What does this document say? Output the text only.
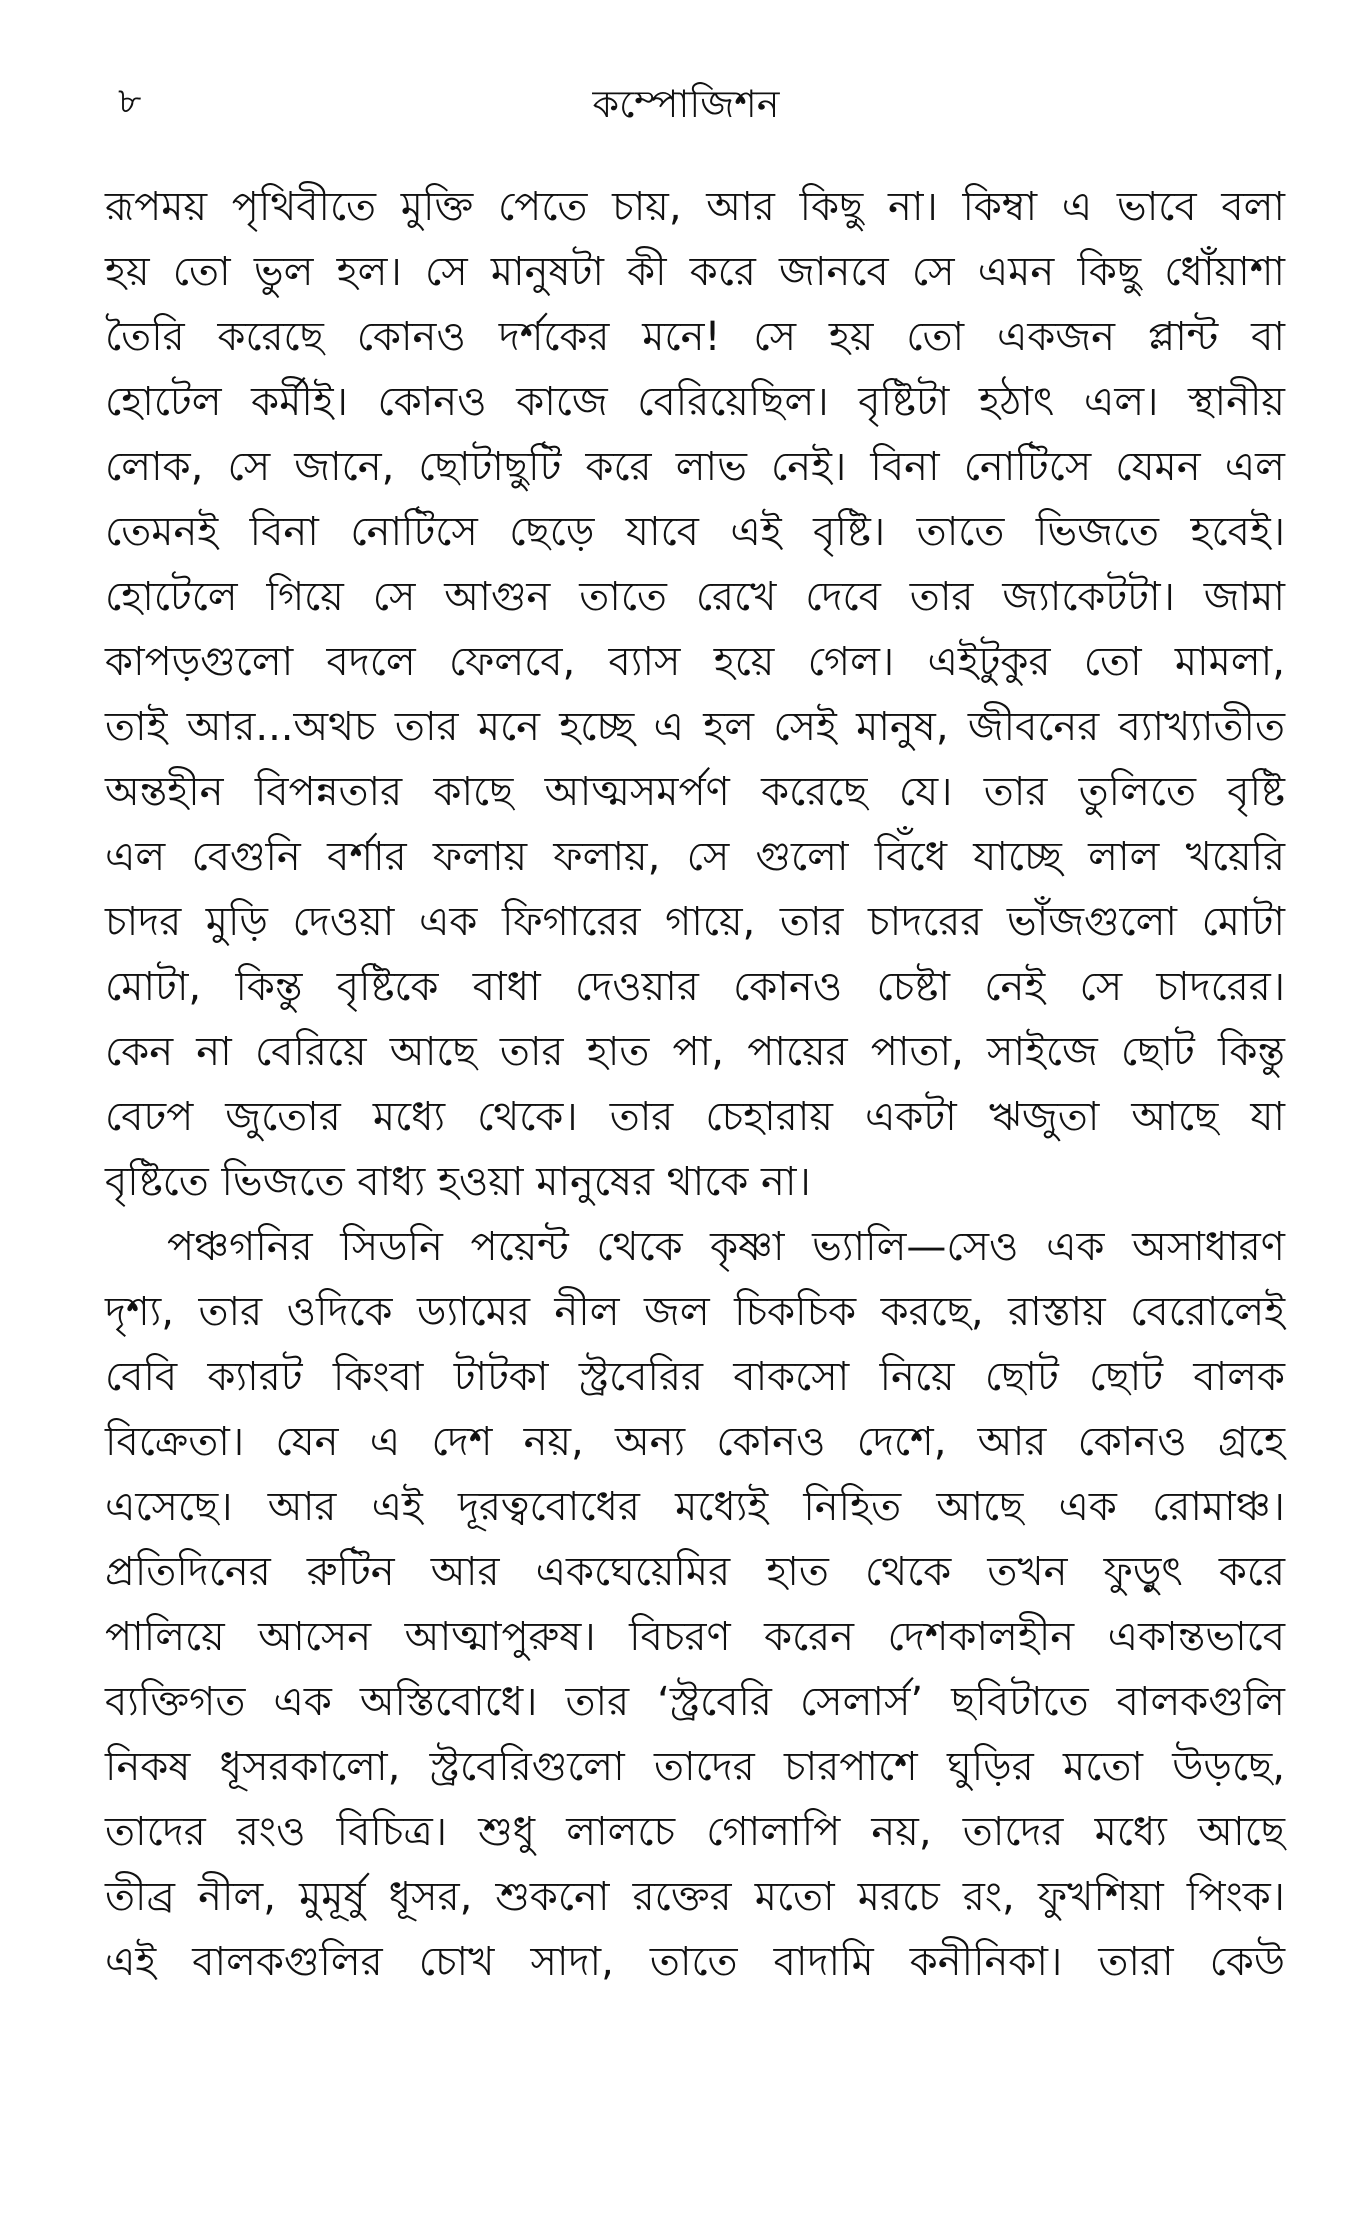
৮	কম্পোজিশন
রূপময় পৃথিবীতে মুক্তি পেতে চায়, আর কিছু না। কিম্বা এ ভাবে বলা
হয় তো ভুল হল। সে মানুষটা কী করে জানবে সে এমন কিছু ধোঁয়াশা
তৈরি করেছে কোনও দর্শকের মনে! সে হয় তো একজন প্লান্ট বা
হোটেল কর্মীই। কোনও কাজে বেরিয়েছিল। বৃষ্টিটা হঠাৎ এল। স্থানীয়
লোক, সে জানে, ছোটাছুটি করে লাভ নেই। বিনা নোটিসে যেমন এল
তেমনই বিনা নোটিসে ছেড়ে যাবে এই বৃষ্টি। তাতে ভিজতে হবেই।
হোটেলে গিয়ে সে আগুন তাতে রেখে দেবে তার জ্যাকেটটা। জামা
কাপড়গুলো বদলে ফেলবে, ব্যাস হয়ে গেল। এইটুকুর তো মামলা,
তাই আর...অথচ তার মনে হচ্ছে এ হল সেই মানুষ, জীবনের ব্যাখ্যাতীত
অন্তহীন বিপন্নতার কাছে আত্মসমর্পণ করেছে যে। তার তুলিতে বৃষ্টি
এল বেগুনি বর্শার ফলায় ফলায়, সে গুলো বিঁধে যাচ্ছে লাল খয়েরি
চাদর মুড়ি দেওয়া এক ফিগারের গায়ে, তার চাদরের ভাঁজগুলো মোটা
মোটা, কিন্তু বৃষ্টিকে বাধা দেওয়ার কোনও চেষ্টা নেই সে চাদরের।
কেন না বেরিয়ে আছে তার হাত পা, পায়ের পাতা, সাইজে ছোট কিন্তু
বেঢপ জুতোর মধ্যে থেকে। তার চেহারায় একটা ঋজুতা আছে যা
বৃষ্টিতে ভিজতে বাধ্য হওয়া মানুষের থাকে না।
পঞ্চগনির সিডনি পয়েন্ট থেকে কৃষ্ণা ভ্যালি—সেও এক অসাধারণ
দৃশ্য, তার ওদিকে ড্যামের নীল জল চিকচিক করছে, রাস্তায় বেরোলেই
বেবি ক্যারট কিংবা টাটকা স্ট্রবেরির বাকসো নিয়ে ছোট ছোট বালক
বিক্রেতা। যেন এ দেশ নয়, অন্য কোনও দেশে, আর কোনও গ্রহে
এসেছে। আর এই দূরত্ববোধের মধ্যেই নিহিত আছে এক রোমাঞ্চ।
প্রতিদিনের রুটিন আর একঘেয়েমির হাত থেকে তখন ফুড়ুৎ করে
পালিয়ে আসেন আত্মাপুরুষ। বিচরণ করেন দেশকালহীন একান্তভাবে
ব্যক্তিগত এক অস্তিবোধে। তার ‘স্ট্রবেরি সেলার্স’ ছবিটাতে বালকগুলি
নিকষ ধূসরকালো, স্ট্রবেরিগুলো তাদের চারপাশে ঘুড়ির মতো উড়ছে,
তাদের রংও বিচিত্র। শুধু লালচে গোলাপি নয়, তাদের মধ্যে আছে
তীব্র নীল, মুমূর্ষু ধূসর, শুকনো রক্তের মতো মরচে রং, ফুখশিয়া পিংক।
এই বালকগুলির চোখ সাদা, তাতে বাদামি কনীনিকা। তারা কেউ
